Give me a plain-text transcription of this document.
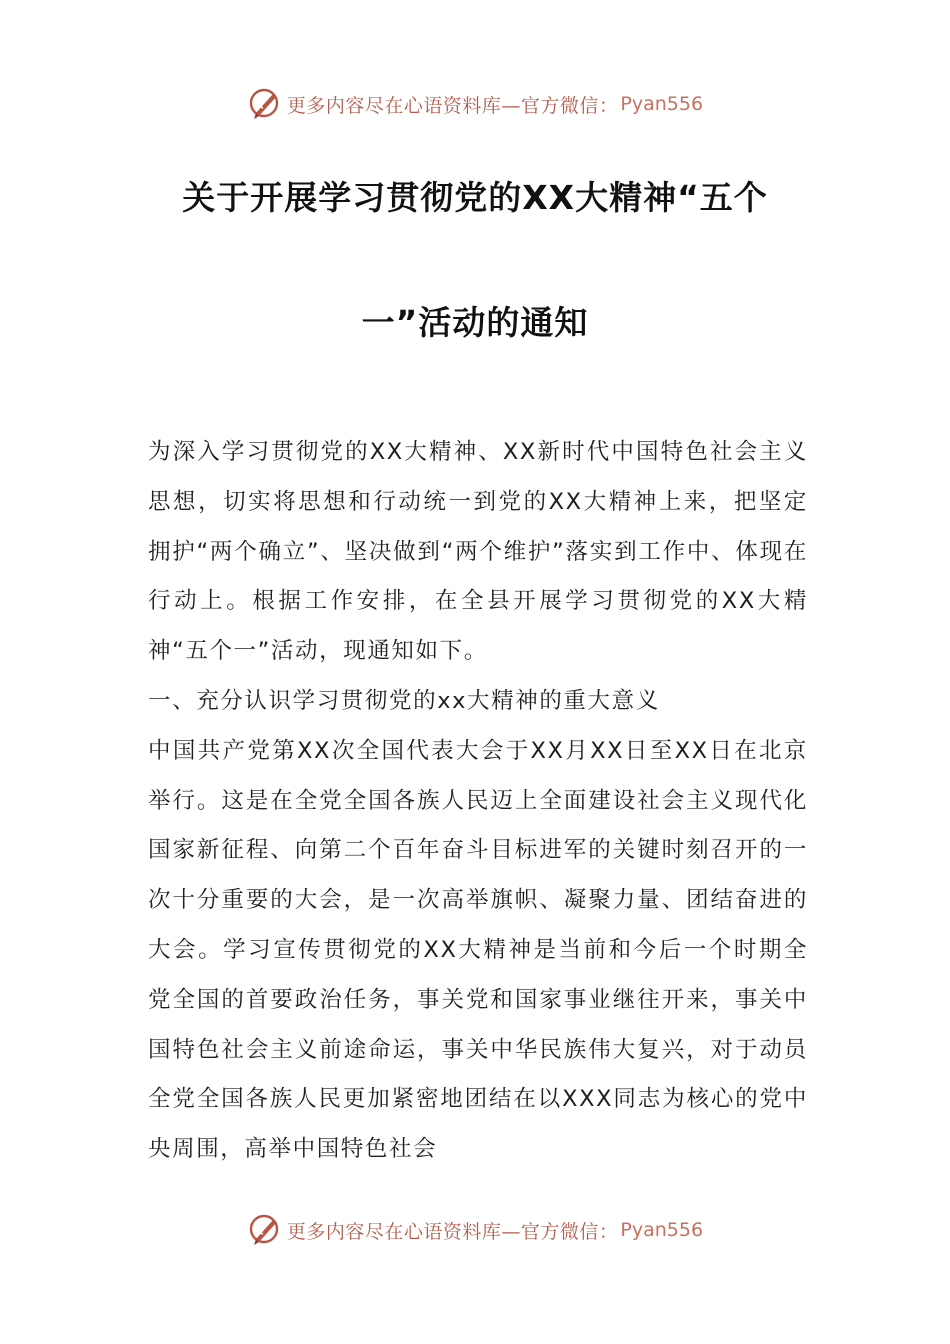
更多内容尽在心语资料库—官方微信： Pyan556
关于开展学习贯彻党的XX大精神“五个
一”活动的通知

为深入学习贯彻党的XX大精神、XX新时代中国特色社会主义思想，切实将思想和行动统一到党的XX大精神上来，把坚定拥护“两个确立”、坚决做到“两个维护”落实到工作中、体现在行动上。根据工作安排，在全县开展学习贯彻党的XX大精神“五个一”活动，现通知如下。

一、充分认识学习贯彻党的xx大精神的重大意义

中国共产党第XX次全国代表大会于XX月XX日至XX日在北京举行。这是在全党全国各族人民迈上全面建设社会主义现代化国家新征程、向第二个百年奋斗目标进军的关键时刻召开的一次十分重要的大会，是一次高举旗帜、凝聚力量、团结奋进的大会。学习宣传贯彻党的XX大精神是当前和今后一个时期全党全国的首要政治任务，事关党和国家事业继往开来，事关中国特色社会主义前途命运，事关中华民族伟大复兴，对于动员全党全国各族人民更加紧密地团结在以XXX同志为核心的党中央周围，高举中国特色社会

更多内容尽在心语资料库—官方微信： Pyan556
